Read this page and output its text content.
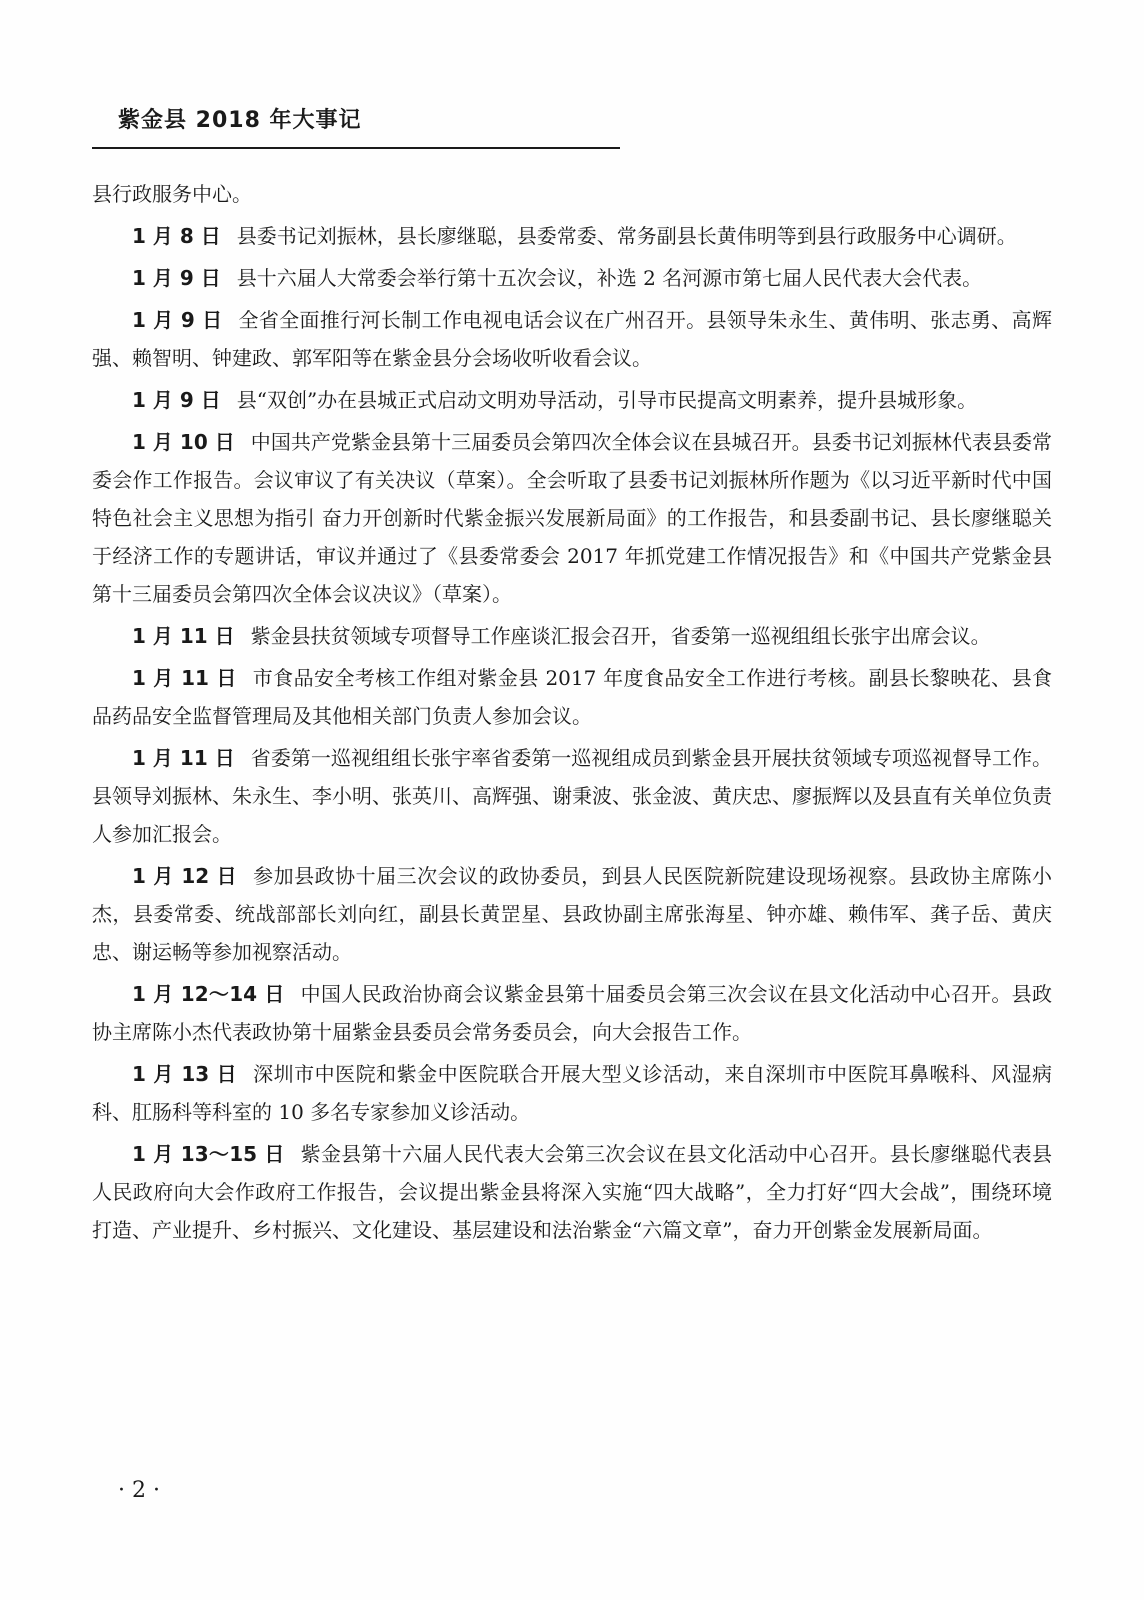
紫金县 2018 年大事记

县行政服务中心。

1 月 8 日 县委书记刘振林，县长廖继聪，县委常委、常务副县长黄伟明等到县行政服务中心调研。

1 月 9 日 县十六届人大常委会举行第十五次会议，补选 2 名河源市第七届人民代表大会代表。

1 月 9 日 全省全面推行河长制工作电视电话会议在广州召开。县领导朱永生、黄伟明、张志勇、高辉强、赖智明、钟建政、郭军阳等在紫金县分会场收听收看会议。

1 月 9 日 县“双创”办在县城正式启动文明劝导活动，引导市民提高文明素养，提升县城形象。

1 月 10 日 中国共产党紫金县第十三届委员会第四次全体会议在县城召开。县委书记刘振林代表县委常委会作工作报告。会议审议了有关决议（草案）。全会听取了县委书记刘振林所作题为《以习近平新时代中国特色社会主义思想为指引 奋力开创新时代紫金振兴发展新局面》的工作报告，和县委副书记、县长廖继聪关于经济工作的专题讲话，审议并通过了《县委常委会 2017 年抓党建工作情况报告》和《中国共产党紫金县第十三届委员会第四次全体会议决议》（草案）。

1 月 11 日 紫金县扶贫领域专项督导工作座谈汇报会召开，省委第一巡视组组长张宇出席会议。

1 月 11 日 市食品安全考核工作组对紫金县 2017 年度食品安全工作进行考核。副县长黎映花、县食品药品安全监督管理局及其他相关部门负责人参加会议。

1 月 11 日 省委第一巡视组组长张宇率省委第一巡视组成员到紫金县开展扶贫领域专项巡视督导工作。县领导刘振林、朱永生、李小明、张英川、高辉强、谢秉波、张金波、黄庆忠、廖振辉以及县直有关单位负责人参加汇报会。

1 月 12 日 参加县政协十届三次会议的政协委员，到县人民医院新院建设现场视察。县政协主席陈小杰，县委常委、统战部部长刘向红，副县长黄罡星、县政协副主席张海星、钟亦雄、赖伟军、龚子岳、黄庆忠、谢运畅等参加视察活动。

1 月 12～14 日 中国人民政治协商会议紫金县第十届委员会第三次会议在县文化活动中心召开。县政协主席陈小杰代表政协第十届紫金县委员会常务委员会，向大会报告工作。

1 月 13 日 深圳市中医院和紫金中医院联合开展大型义诊活动，来自深圳市中医院耳鼻喉科、风湿病科、肛肠科等科室的 10 多名专家参加义诊活动。

1 月 13～15 日 紫金县第十六届人民代表大会第三次会议在县文化活动中心召开。县长廖继聪代表县人民政府向大会作政府工作报告，会议提出紫金县将深入实施“四大战略”，全力打好“四大会战”，围绕环境打造、产业提升、乡村振兴、文化建设、基层建设和法治紫金“六篇文章”，奋力开创紫金发展新局面。

· 2 ·
